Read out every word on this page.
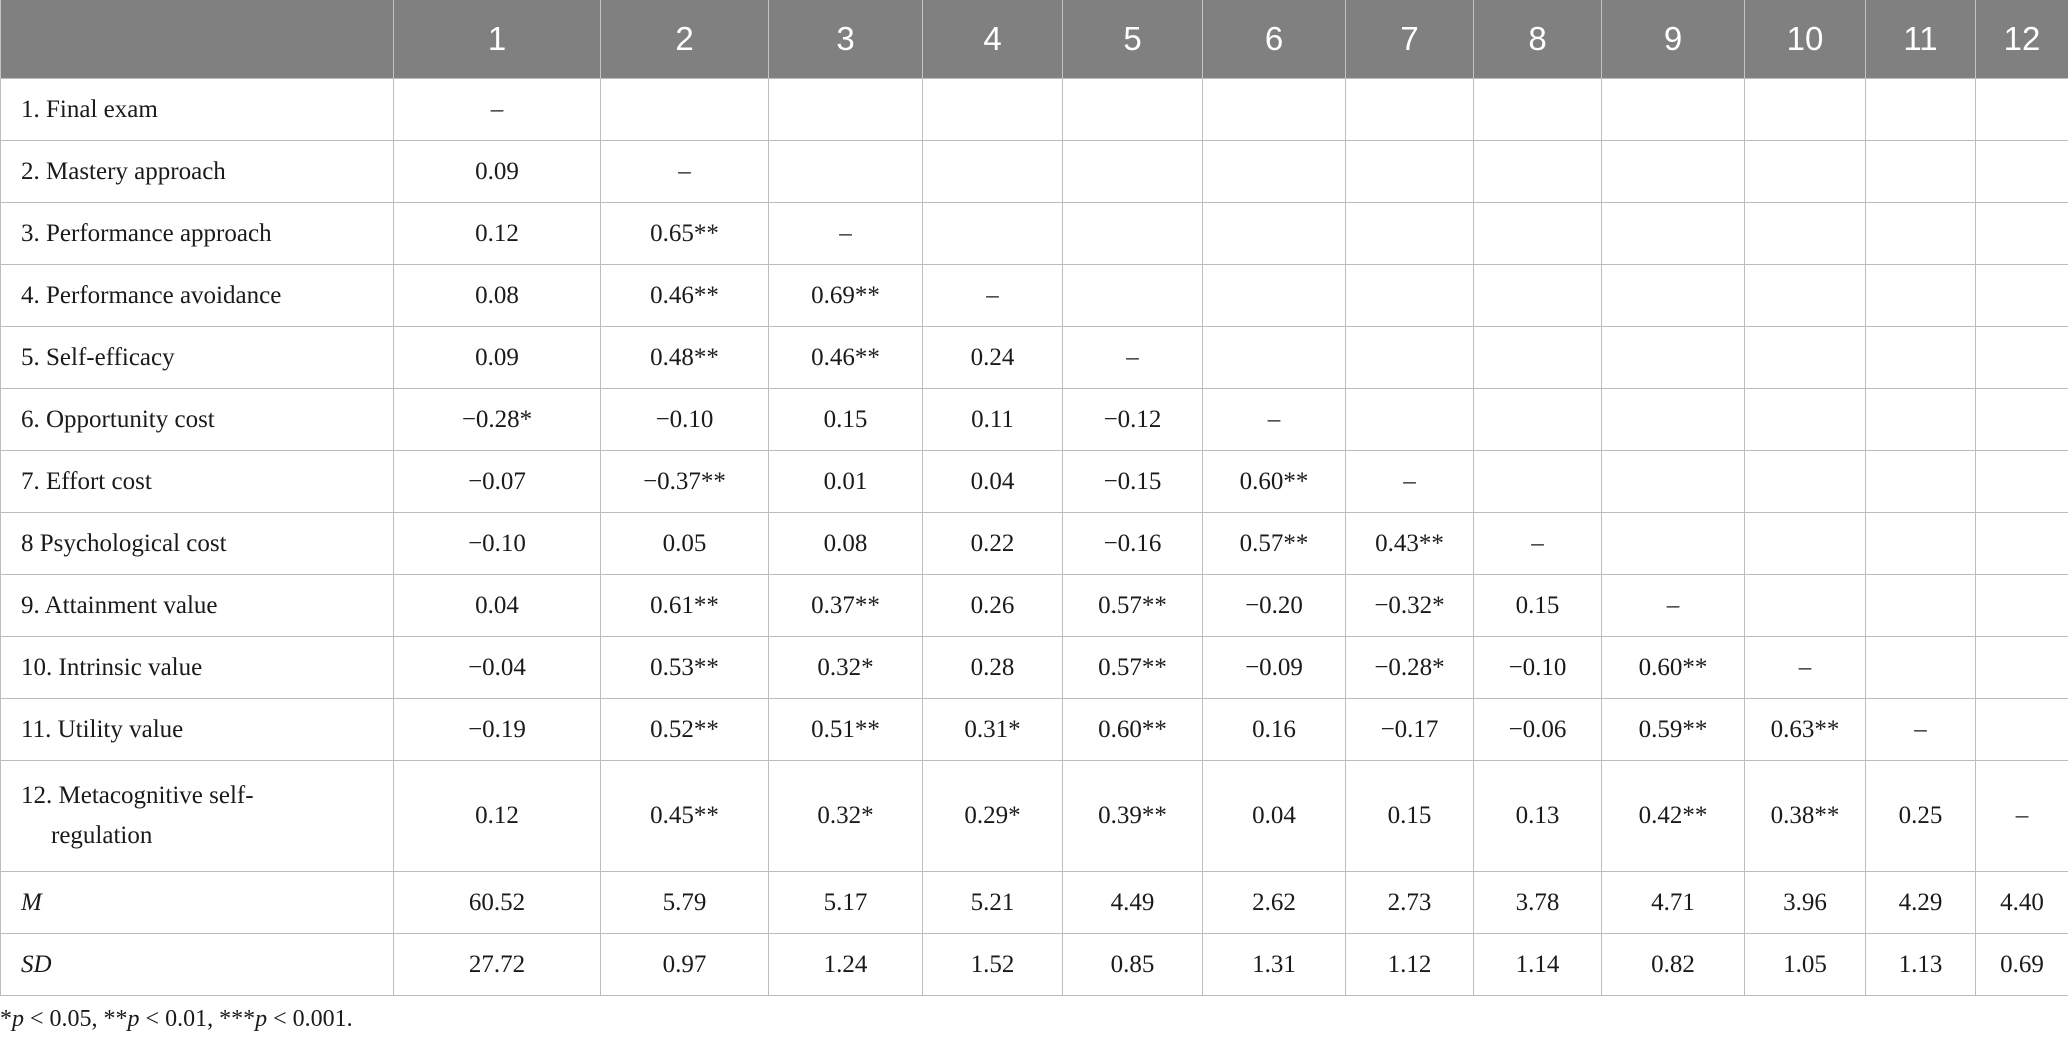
	1	2	3	4	5	6	7	8	9	10	11	12
1. Final exam	–											
2. Mastery approach	0.09	–										
3. Performance approach	0.12	0.65**	–									
4. Performance avoidance	0.08	0.46**	0.69**	–								
5. Self-efficacy	0.09	0.48**	0.46**	0.24	–							
6. Opportunity cost	−0.28*	−0.10	0.15	0.11	−0.12	–						
7. Effort cost	−0.07	−0.37**	0.01	0.04	−0.15	0.60**	–					
8 Psychological cost	−0.10	0.05	0.08	0.22	−0.16	0.57**	0.43**	–				
9. Attainment value	0.04	0.61**	0.37**	0.26	0.57**	−0.20	−0.32*	0.15	–			
10. Intrinsic value	−0.04	0.53**	0.32*	0.28	0.57**	−0.09	−0.28*	−0.10	0.60**	–		
11. Utility value	−0.19	0.52**	0.51**	0.31*	0.60**	0.16	−0.17	−0.06	0.59**	0.63**	–	
12. Metacognitive self-
regulation	0.12	0.45**	0.32*	0.29*	0.39**	0.04	0.15	0.13	0.42**	0.38**	0.25	–
M	60.52	5.79	5.17	5.21	4.49	2.62	2.73	3.78	4.71	3.96	4.29	4.40
SD	27.72	0.97	1.24	1.52	0.85	1.31	1.12	1.14	0.82	1.05	1.13	0.69

*p < 0.05, **p < 0.01, ***p < 0.001.
